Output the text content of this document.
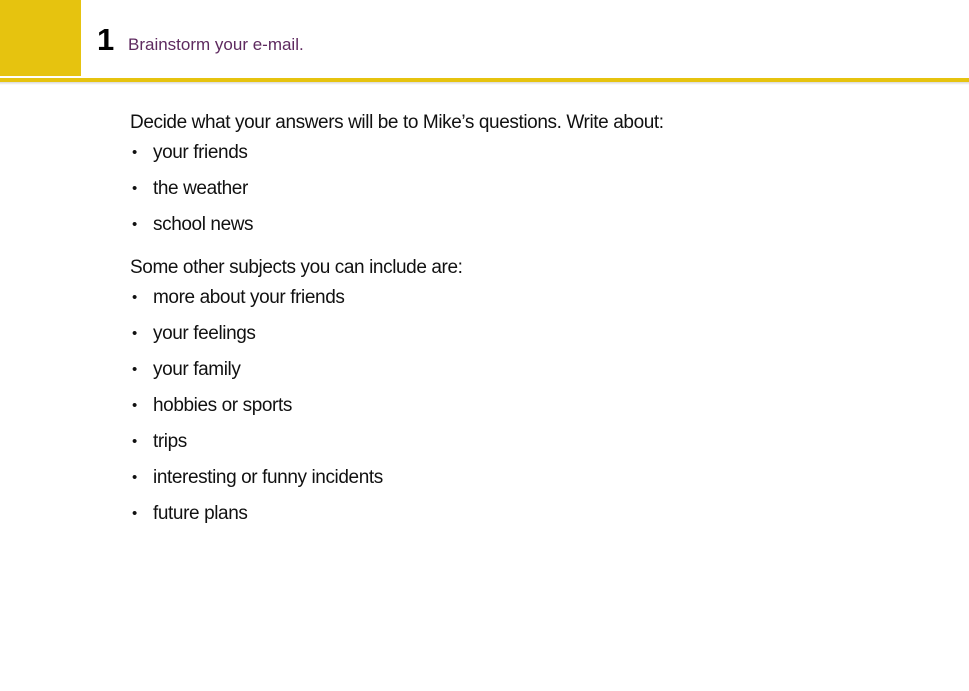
1 Brainstorm your e-mail.

Decide what your answers will be to Mike’s questions. Write about:

• your friends
• the weather
• school news

Some other subjects you can include are:

• more about your friends
• your feelings
• your family
• hobbies or sports
• trips
• interesting or funny incidents
• future plans
